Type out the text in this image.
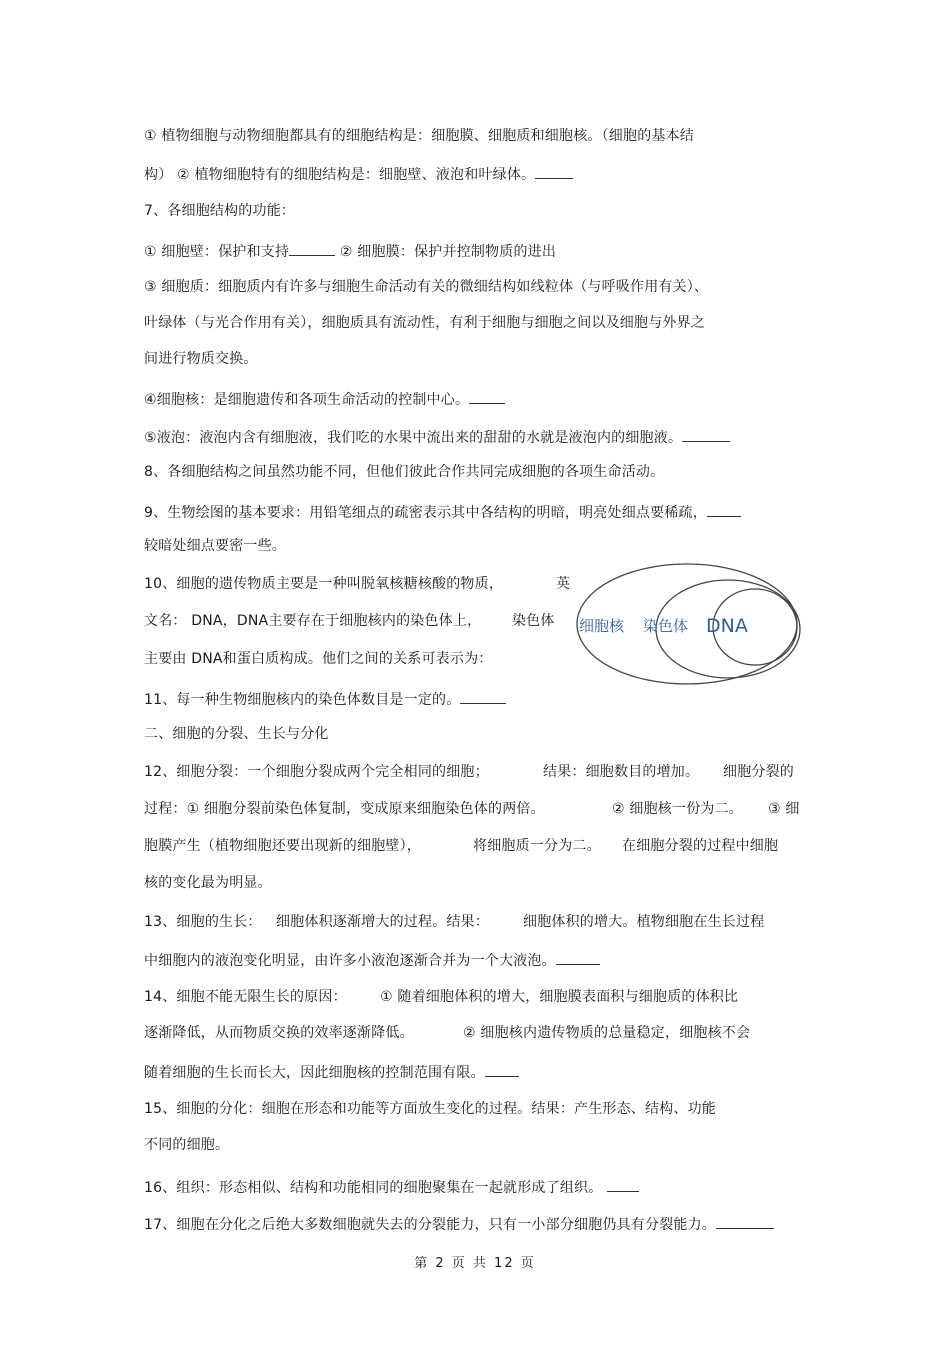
① 植物细胞与动物细胞都具有的细胞结构是：细胞膜、细胞质和细胞核。（细胞的基本结
构） ② 植物细胞特有的细胞结构是：细胞壁、液泡和叶绿体。
7、各细胞结构的功能：
① 细胞壁：保护和支持	② 细胞膜：保护并控制物质的进出
③ 细胞质：细胞质内有许多与细胞生命活动有关的微细结构如线粒体（与呼吸作用有关）、
叶绿体（与光合作用有关），细胞质具有流动性，有利于细胞与细胞之间以及细胞与外界之
间进行物质交换。
④细胞核：是细胞遗传和各项生命活动的控制中心。
⑤液泡：液泡内含有细胞液，我们吃的水果中流出来的甜甜的水就是液泡内的细胞液。
8、各细胞结构之间虽然功能不同，但他们彼此合作共同完成细胞的各项生命活动。
9、生物绘图的基本要求：用铅笔细点的疏密表示其中各结构的明暗，明亮处细点要稀疏，
较暗处细点要密一些。
10、细胞的遗传物质主要是一种叫脱氧核糖核酸的物质，	英
文名： DNA，DNA主要存在于细胞核内的染色体上， 染色体
主要由 DNA和蛋白质构成。他们之间的关系可表示为：
11、每一种生物细胞核内的染色体数目是一定的。
二、细胞的分裂、生长与分化
12、细胞分裂：一个细胞分裂成两个完全相同的细胞；	结果：细胞数目的增加。 细胞分裂的
过程：① 细胞分裂前染色体复制，变成原来细胞染色体的两倍。	② 细胞核一份为二。 ③ 细
胞膜产生（植物细胞还要出现新的细胞壁），	将细胞质一分为二。 在细胞分裂的过程中细胞
核的变化最为明显。
13、细胞的生长： 细胞体积逐渐增大的过程。结果： 细胞体积的增大。植物细胞在生长过程
中细胞内的液泡变化明显，由许多小液泡逐渐合并为一个大液泡。
14、细胞不能无限生长的原因： ① 随着细胞体积的增大，细胞膜表面积与细胞质的体积比
逐渐降低，从而物质交换的效率逐渐降低。	② 细胞核内遗传物质的总量稳定，细胞核不会
随着细胞的生长而长大，因此细胞核的控制范围有限。
15、细胞的分化：细胞在形态和功能等方面放生变化的过程。结果：产生形态、结构、功能
不同的细胞。
16、组织：形态相似、结构和功能相同的细胞聚集在一起就形成了组织。
17、细胞在分化之后绝大多数细胞就失去的分裂能力，只有一小部分细胞仍具有分裂能力。
细胞核 染色体 DNA
第 2 页 共 12 页
